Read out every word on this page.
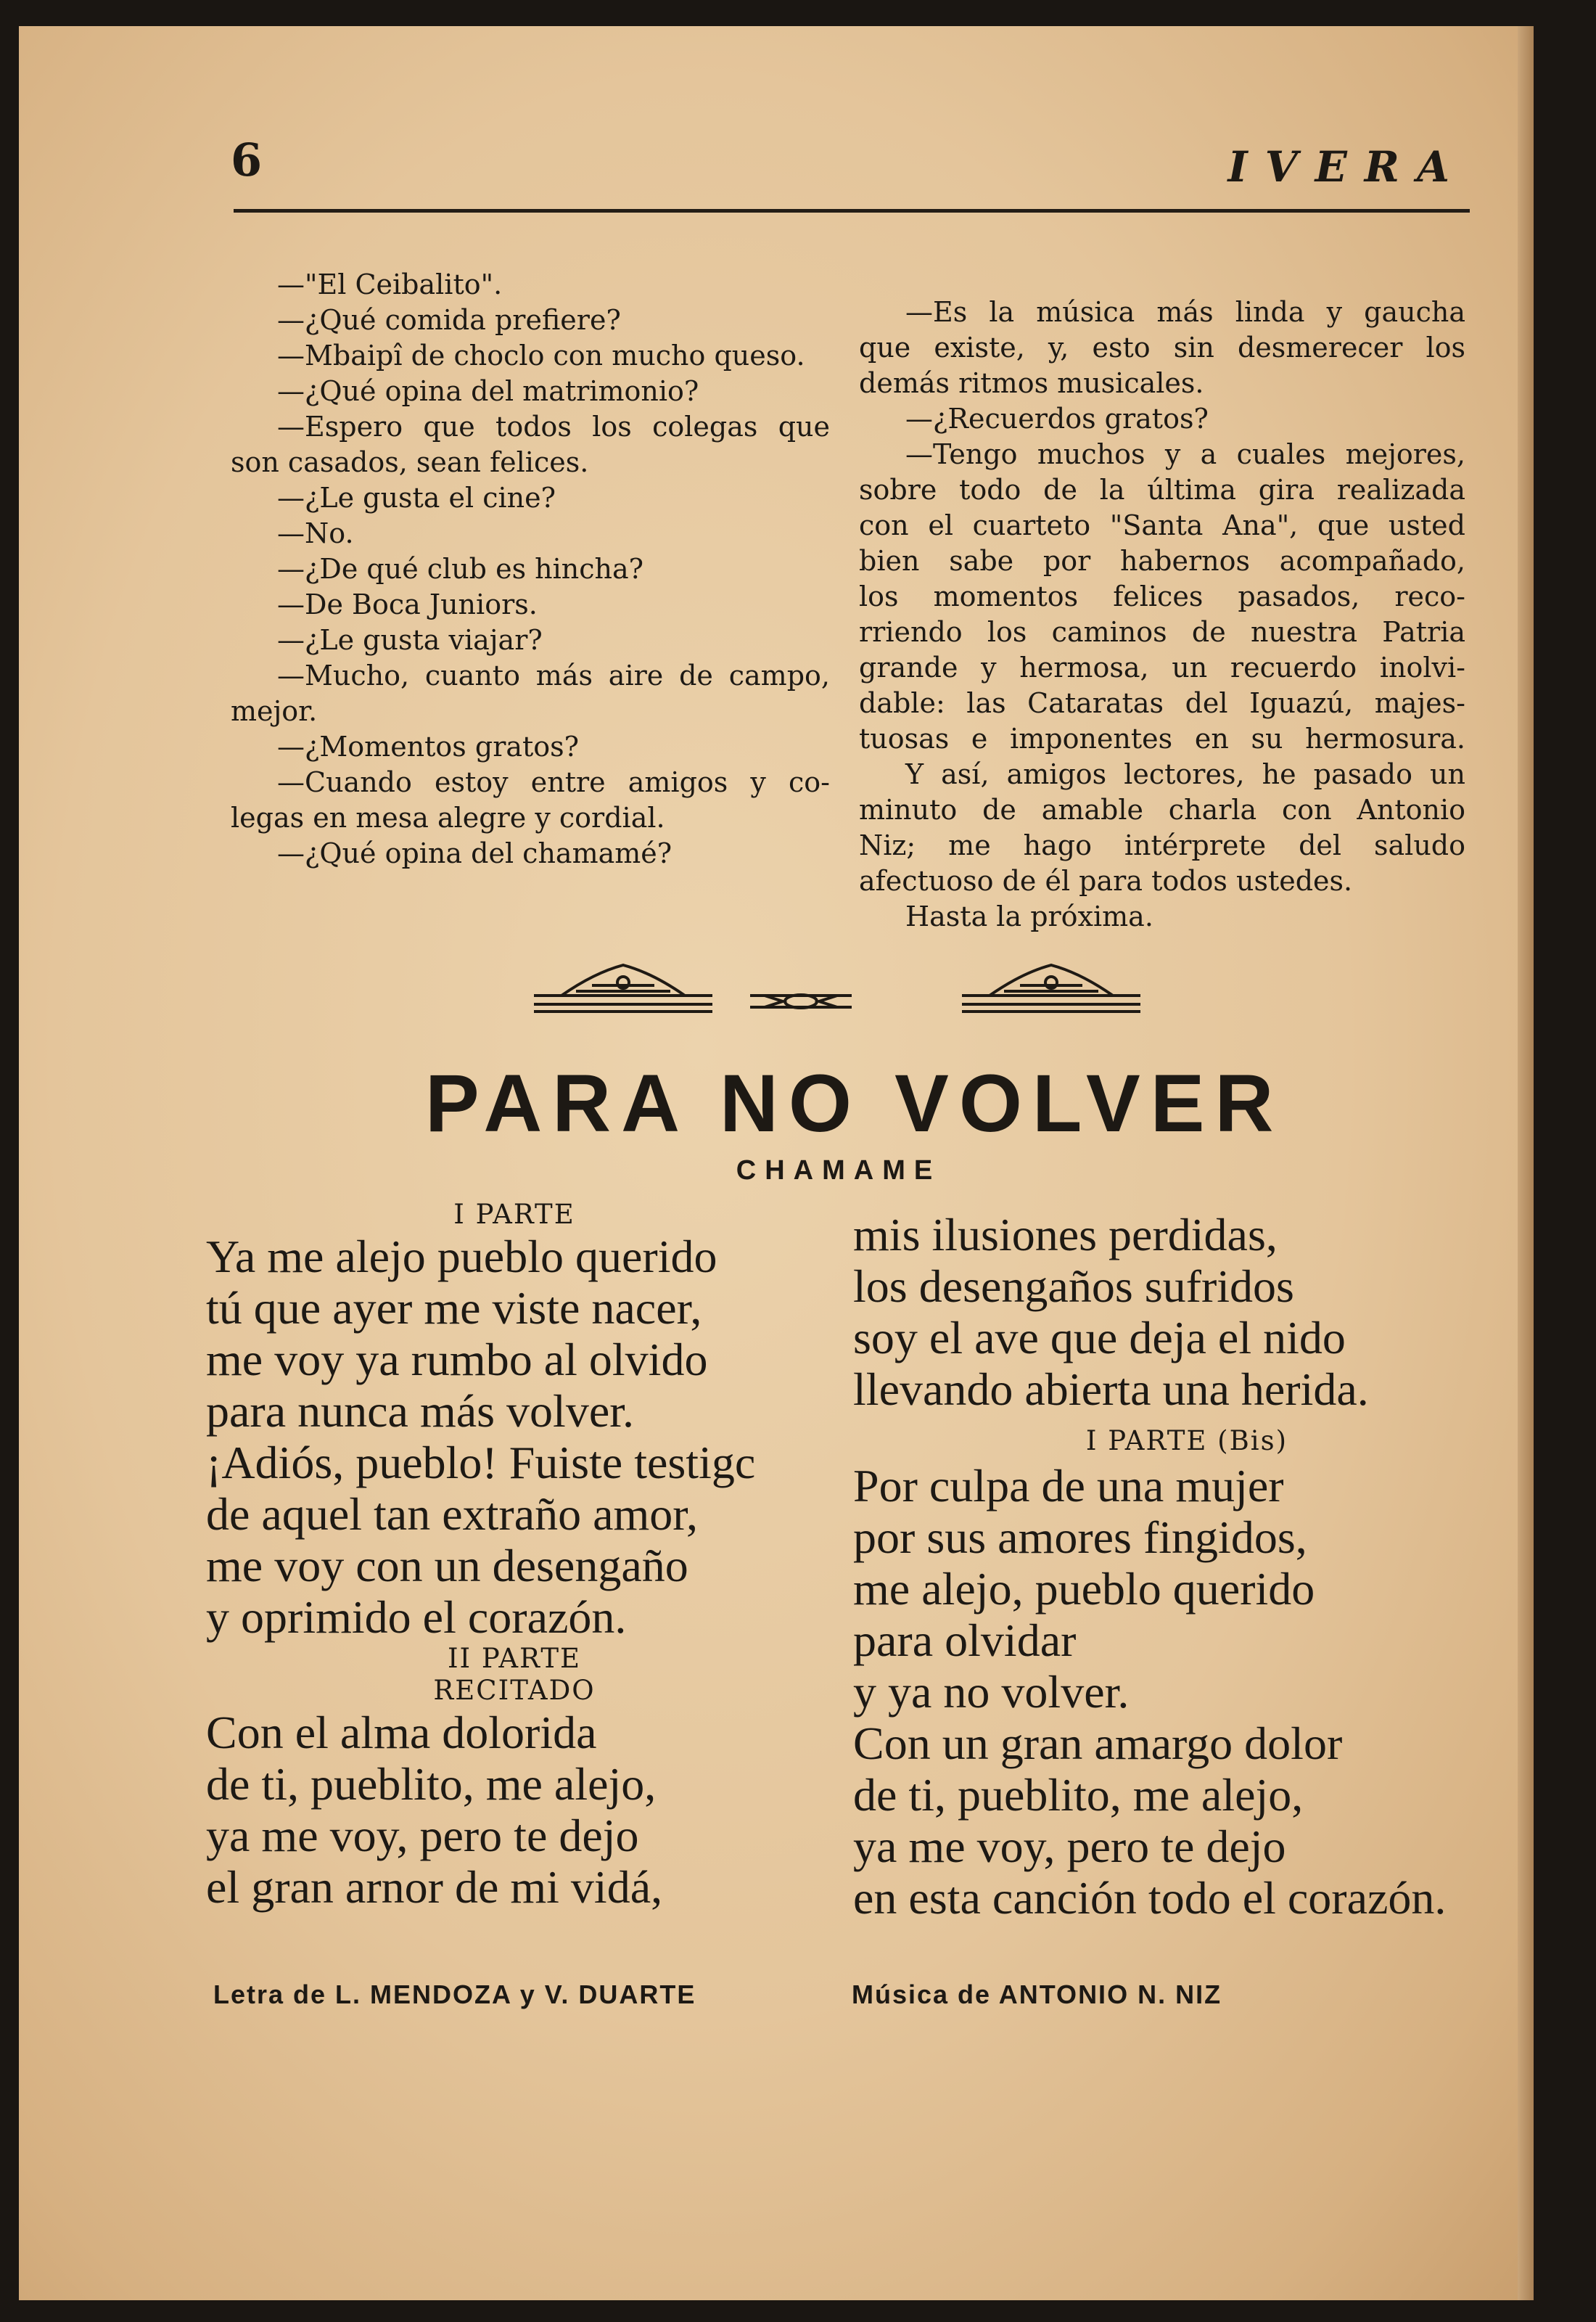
6	IVERA

—"El Ceibalito".

—¿Qué comida prefiere?

—Mbaipî de choclo con mucho queso.

—¿Qué opina del matrimonio?

—Espero que todos los colegas que

son casados, sean felices.

—¿Le gusta el cine?

—No.

—¿De qué club es hincha?

—De Boca Juniors.

—¿Le gusta viajar?

—Mucho, cuanto más aire de campo,

mejor.

—¿Momentos gratos?

—Cuando estoy entre amigos y co-

legas en mesa alegre y cordial.

—¿Qué opina del chamamé?

—Es la música más linda y gaucha

que existe, y, esto sin desmerecer los

demás ritmos musicales.

—¿Recuerdos gratos?

—Tengo muchos y a cuales mejores,

sobre todo de la última gira realizada

con el cuarteto "Santa Ana", que usted

bien sabe por habernos acompañado,

los momentos felices pasados, reco-

rriendo los caminos de nuestra Patria

grande y hermosa, un recuerdo inolvi-

dable: las Cataratas del Iguazú, majes-

tuosas e imponentes en su hermosura.

Y así, amigos lectores, he pasado un

minuto de amable charla con Antonio

Niz; me hago intérprete del saludo

afectuoso de él para todos ustedes.

Hasta la próxima.

PARA NO VOLVER
CHAMAME
I PARTE

Ya me alejo pueblo querido

tú que ayer me viste nacer,

me voy ya rumbo al olvido

para nunca más volver.

¡Adiós, pueblo! Fuiste testigc

de aquel tan extraño amor,

me voy con un desengaño

y oprimido el corazón.

II PARTE
RECITADO

Con el alma dolorida

de ti, pueblito, me alejo,

ya me voy, pero te dejo

el gran arnor de mi vidá,

mis ilusiones perdidas,

los desengaños sufridos

soy el ave que deja el nido

llevando abierta una herida.

I PARTE (Bis)

Por culpa de una mujer

por sus amores fingidos,

me alejo, pueblo querido

para olvidar

y ya no volver.

Con un gran amargo dolor

de ti, pueblito, me alejo,

ya me voy, pero te dejo

en esta canción todo el corazón.

Letra de L. MENDOZA y V. DUARTE	Música de ANTONIO N. NIZ
